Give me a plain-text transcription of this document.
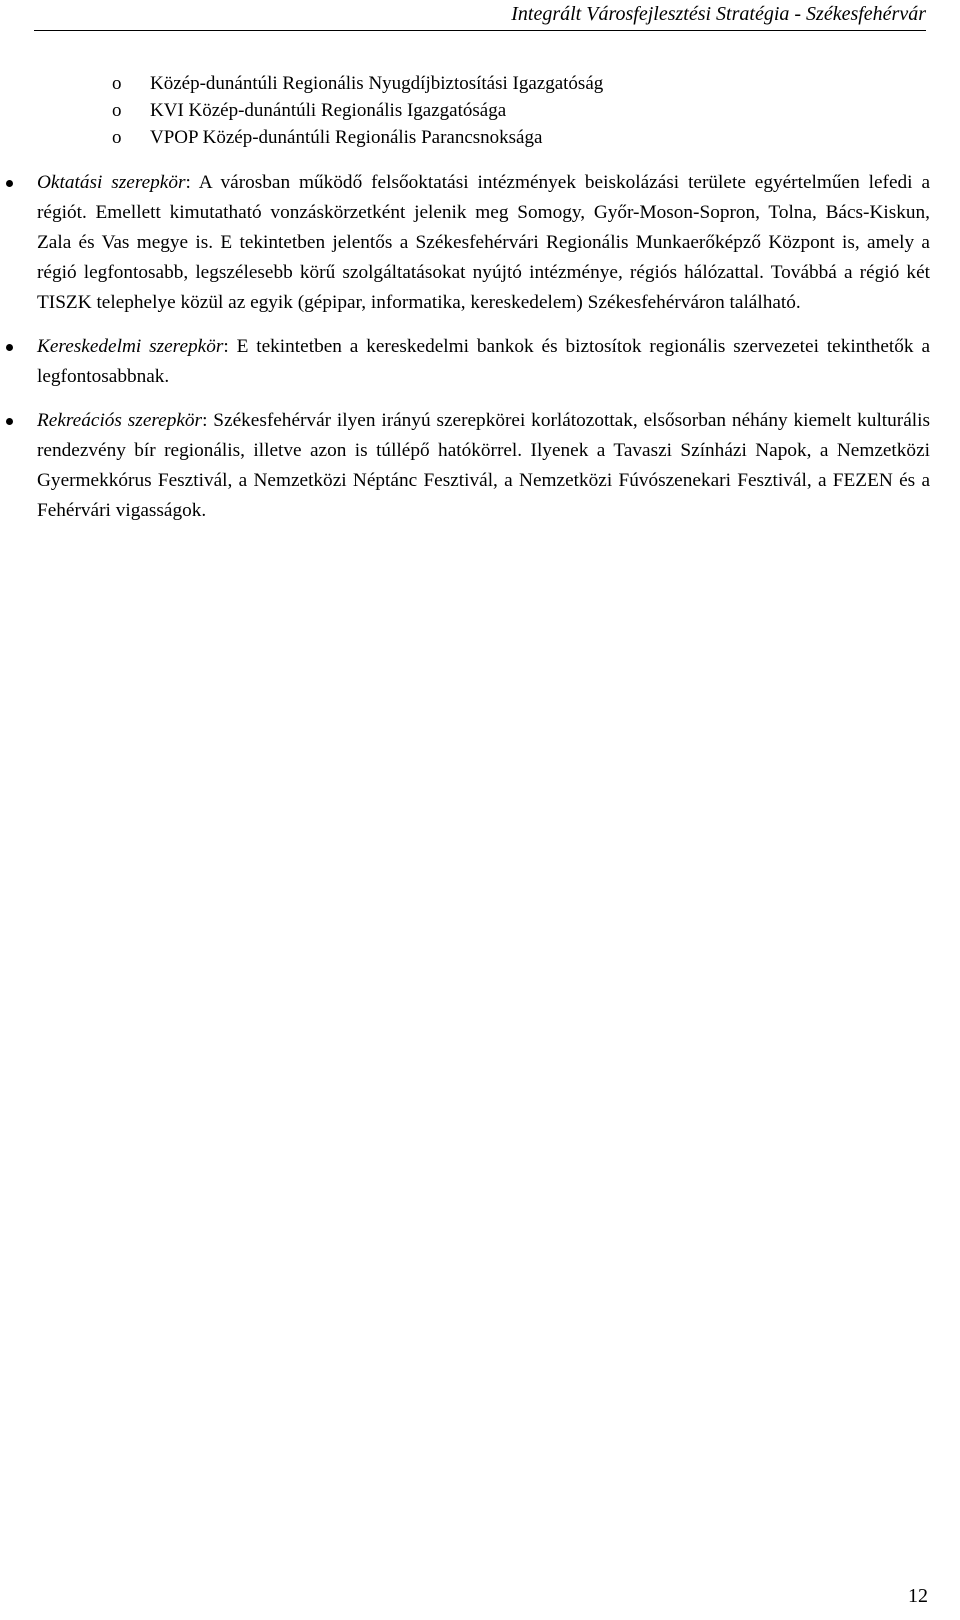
Integrált Városfejlesztési Stratégia - Székesfehérvár
o Közép-dunántúli Regionális Nyugdíjbiztosítási Igazgatóság
o KVI Közép-dunántúli Regionális Igazgatósága
o VPOP Közép-dunántúli Regionális Parancsnoksága
Oktatási szerepkör: A városban működő felsőoktatási intézmények beiskolázási területe egyértelműen lefedi a régiót. Emellett kimutatható vonzáskörzetként jelenik meg Somogy, Győr-Moson-Sopron, Tolna, Bács-Kiskun, Zala és Vas megye is. E tekintetben jelentős a Székesfehérvári Regionális Munkaerőképző Központ is, amely a régió legfontosabb, legszélesebb körű szolgáltatásokat nyújtó intézménye, régiós hálózattal. Továbbá a régió két TISZK telephelye közül az egyik (gépipar, informatika, kereskedelem) Székesfehérváron található.
Kereskedelmi szerepkör: E tekintetben a kereskedelmi bankok és biztosítok regionális szervezetei tekinthetők a legfontosabbnak.
Rekreációs szerepkör: Székesfehérvár ilyen irányú szerepkörei korlátozottak, elsősorban néhány kiemelt kulturális rendezvény bír regionális, illetve azon is túllépő hatókörrel. Ilyenek a Tavaszi Színházi Napok, a Nemzetközi Gyermekkórus Fesztivál, a Nemzetközi Néptánc Fesztivál, a Nemzetközi Fúvószenekari Fesztivál, a FEZEN és a Fehérvári vigasságok.
12
